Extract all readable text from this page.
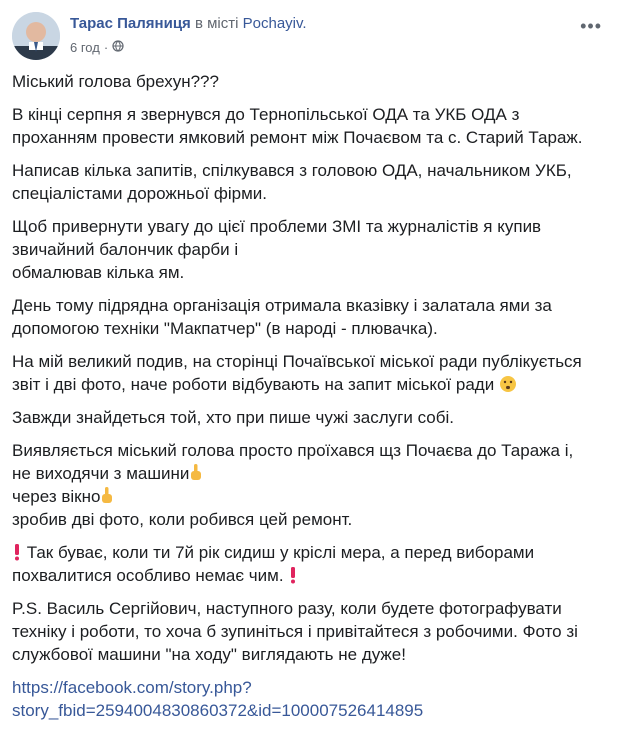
Тарас Паляниця в місті Pochayiv.
6 год ·
•••
Міський голова брехун???
В кінці серпня я звернувся до Тернопільської ОДА та УКБ ОДА з
проханням провести ямковий ремонт між Почаєвом та с. Старий Тараж.
Написав кілька запитів, спілкувався з головою ОДА, начальником УКБ,
спеціалістами дорожньої фірми.
Щоб привернути увагу до цієї проблеми ЗМІ та журналістів я купив
звичайний балончик фарби і
обмалював кілька ям.
День тому підрядна організація отримала вказівку і залатала ями за
допомогою техніки "Макпатчер" (в народі - плювачка).
На мій великий подив, на сторінці Почаївської міської ради публікується
звіт і дві фото, наче роботи відбувають на запит міської ради
Завжди знайдеться той, хто при пише чужі заслуги собі.
Виявляється міський голова просто проїхався щз Почаєва до Таража і,
не виходячи з машини
через вікно
зробив дві фото, коли робився цей ремонт.
Так буває, коли ти 7й рік сидиш у кріслі мера, а перед виборами
похвалитися особливо немає чим.
P.S. Василь Сергійович, наступного разу, коли будете фотографувати
техніку і роботи, то хоча б зупиніться і привітайтеся з робочими. Фото зі
службової машини "на ходу" виглядають не дуже!
https://facebook.com/story.php?
story_fbid=2594004830860372&id=100007526414895
